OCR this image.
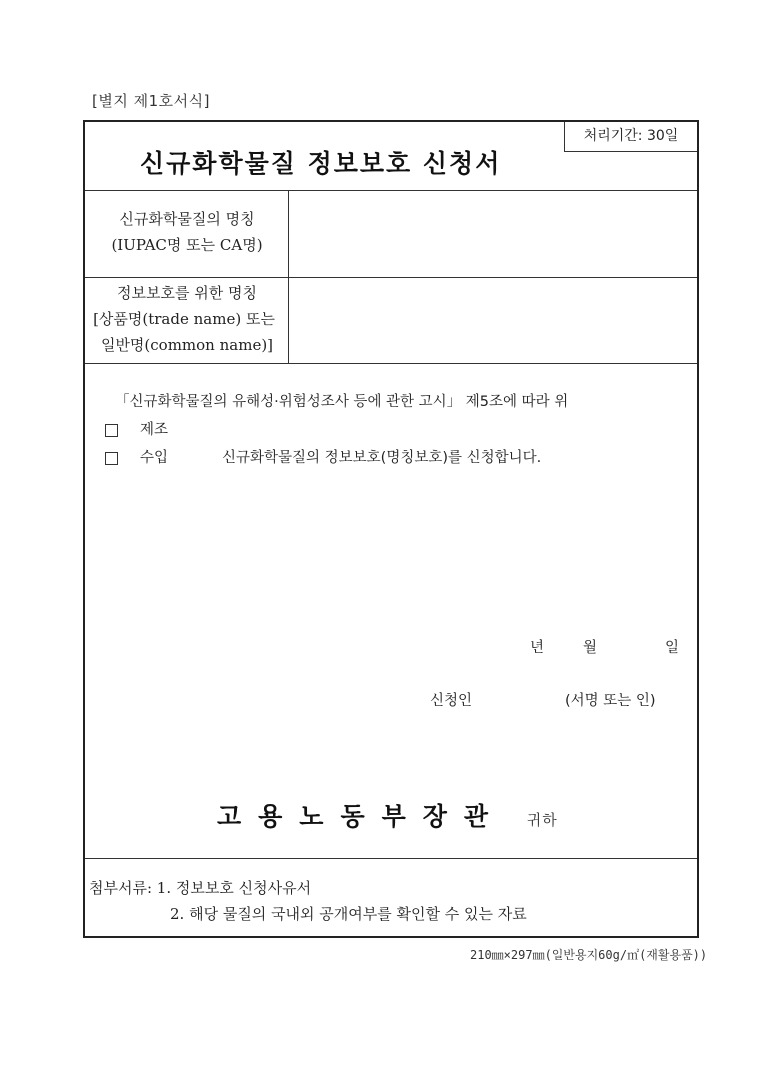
[별지 제1호서식]
신규화학물질 정보보호 신청서
처리기간: 30일
신규화학물질의 명칭
(IUPAC명 또는 CA명)
정보보호를 위한 명칭
[상품명(trade name) 또는
일반명(common name)]
「신규화학물질의 유해성·위험성조사 등에 관한 고시」 제5조에 따라 위
제조
수입	신규화학물질의 정보보호(명칭보호)를 신청합니다.
년	월	일
신청인	(서명 또는 인)
고용노동부장관 귀하
첨부서류: 1. 정보보호 신청사유서
2. 해당 물질의 국내외 공개여부를 확인할 수 있는 자료
210㎜×297㎜(일반용지60g/㎡(재활용품))
